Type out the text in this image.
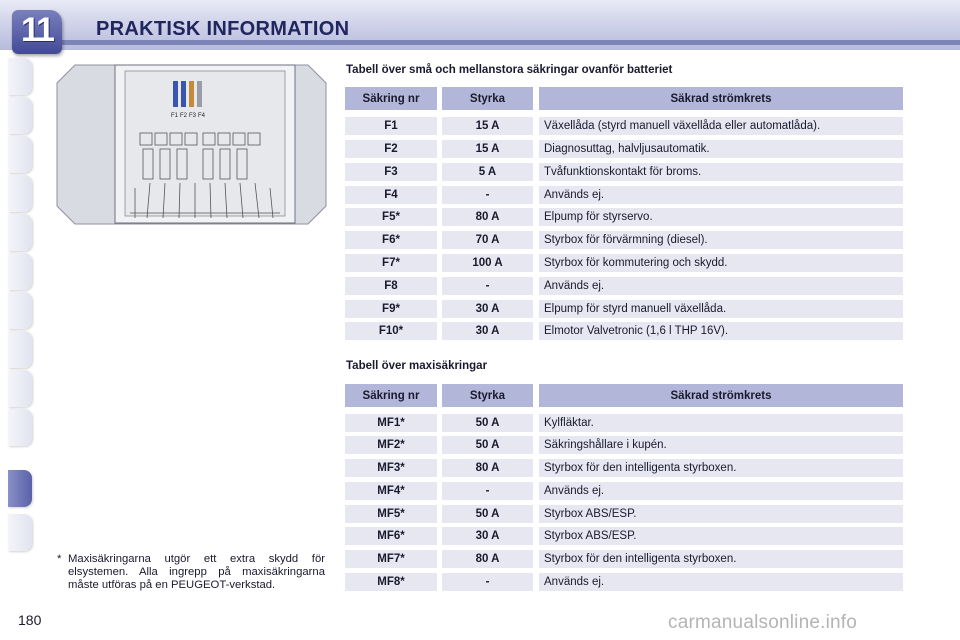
11	PRAKTISK INFORMATION
F1 F2 F3 F4
Tabell över små och mellanstora säkringar ovanför batteriet
Säkring nr	Styrka	Säkrad strömkrets
F1	15 A	Växellåda (styrd manuell växellåda eller automatlåda).
F2	15 A	Diagnosuttag, halvljusautomatik.
F3	5 A	Tvåfunktionskontakt för broms.
F4	-	Används ej.
F5*	80 A	Elpump för styrservo.
F6*	70 A	Styrbox för förvärmning (diesel).
F7*	100 A	Styrbox för kommutering och skydd.
F8	-	Används ej.
F9*	30 A	Elpump för styrd manuell växellåda.
F10*	30 A	Elmotor Valvetronic (1,6 l THP 16V).
Tabell över maxisäkringar
Säkring nr	Styrka	Säkrad strömkrets
MF1*	50 A	Kylfläktar.
MF2*	50 A	Säkringshållare i kupén.
MF3*	80 A	Styrbox för den intelligenta styrboxen.
MF4*	-	Används ej.
MF5*	50 A	Styrbox ABS/ESP.
MF6*	30 A	Styrbox ABS/ESP.
MF7*	80 A	Styrbox för den intelligenta styrboxen.
MF8*	-	Används ej.
* Maxisäkringarna utgör ett extra skydd för elsystemen. Alla ingrepp på maxisäkringarna måste utföras på en PEUGEOT-verkstad.
180	carmanualsonline.info
